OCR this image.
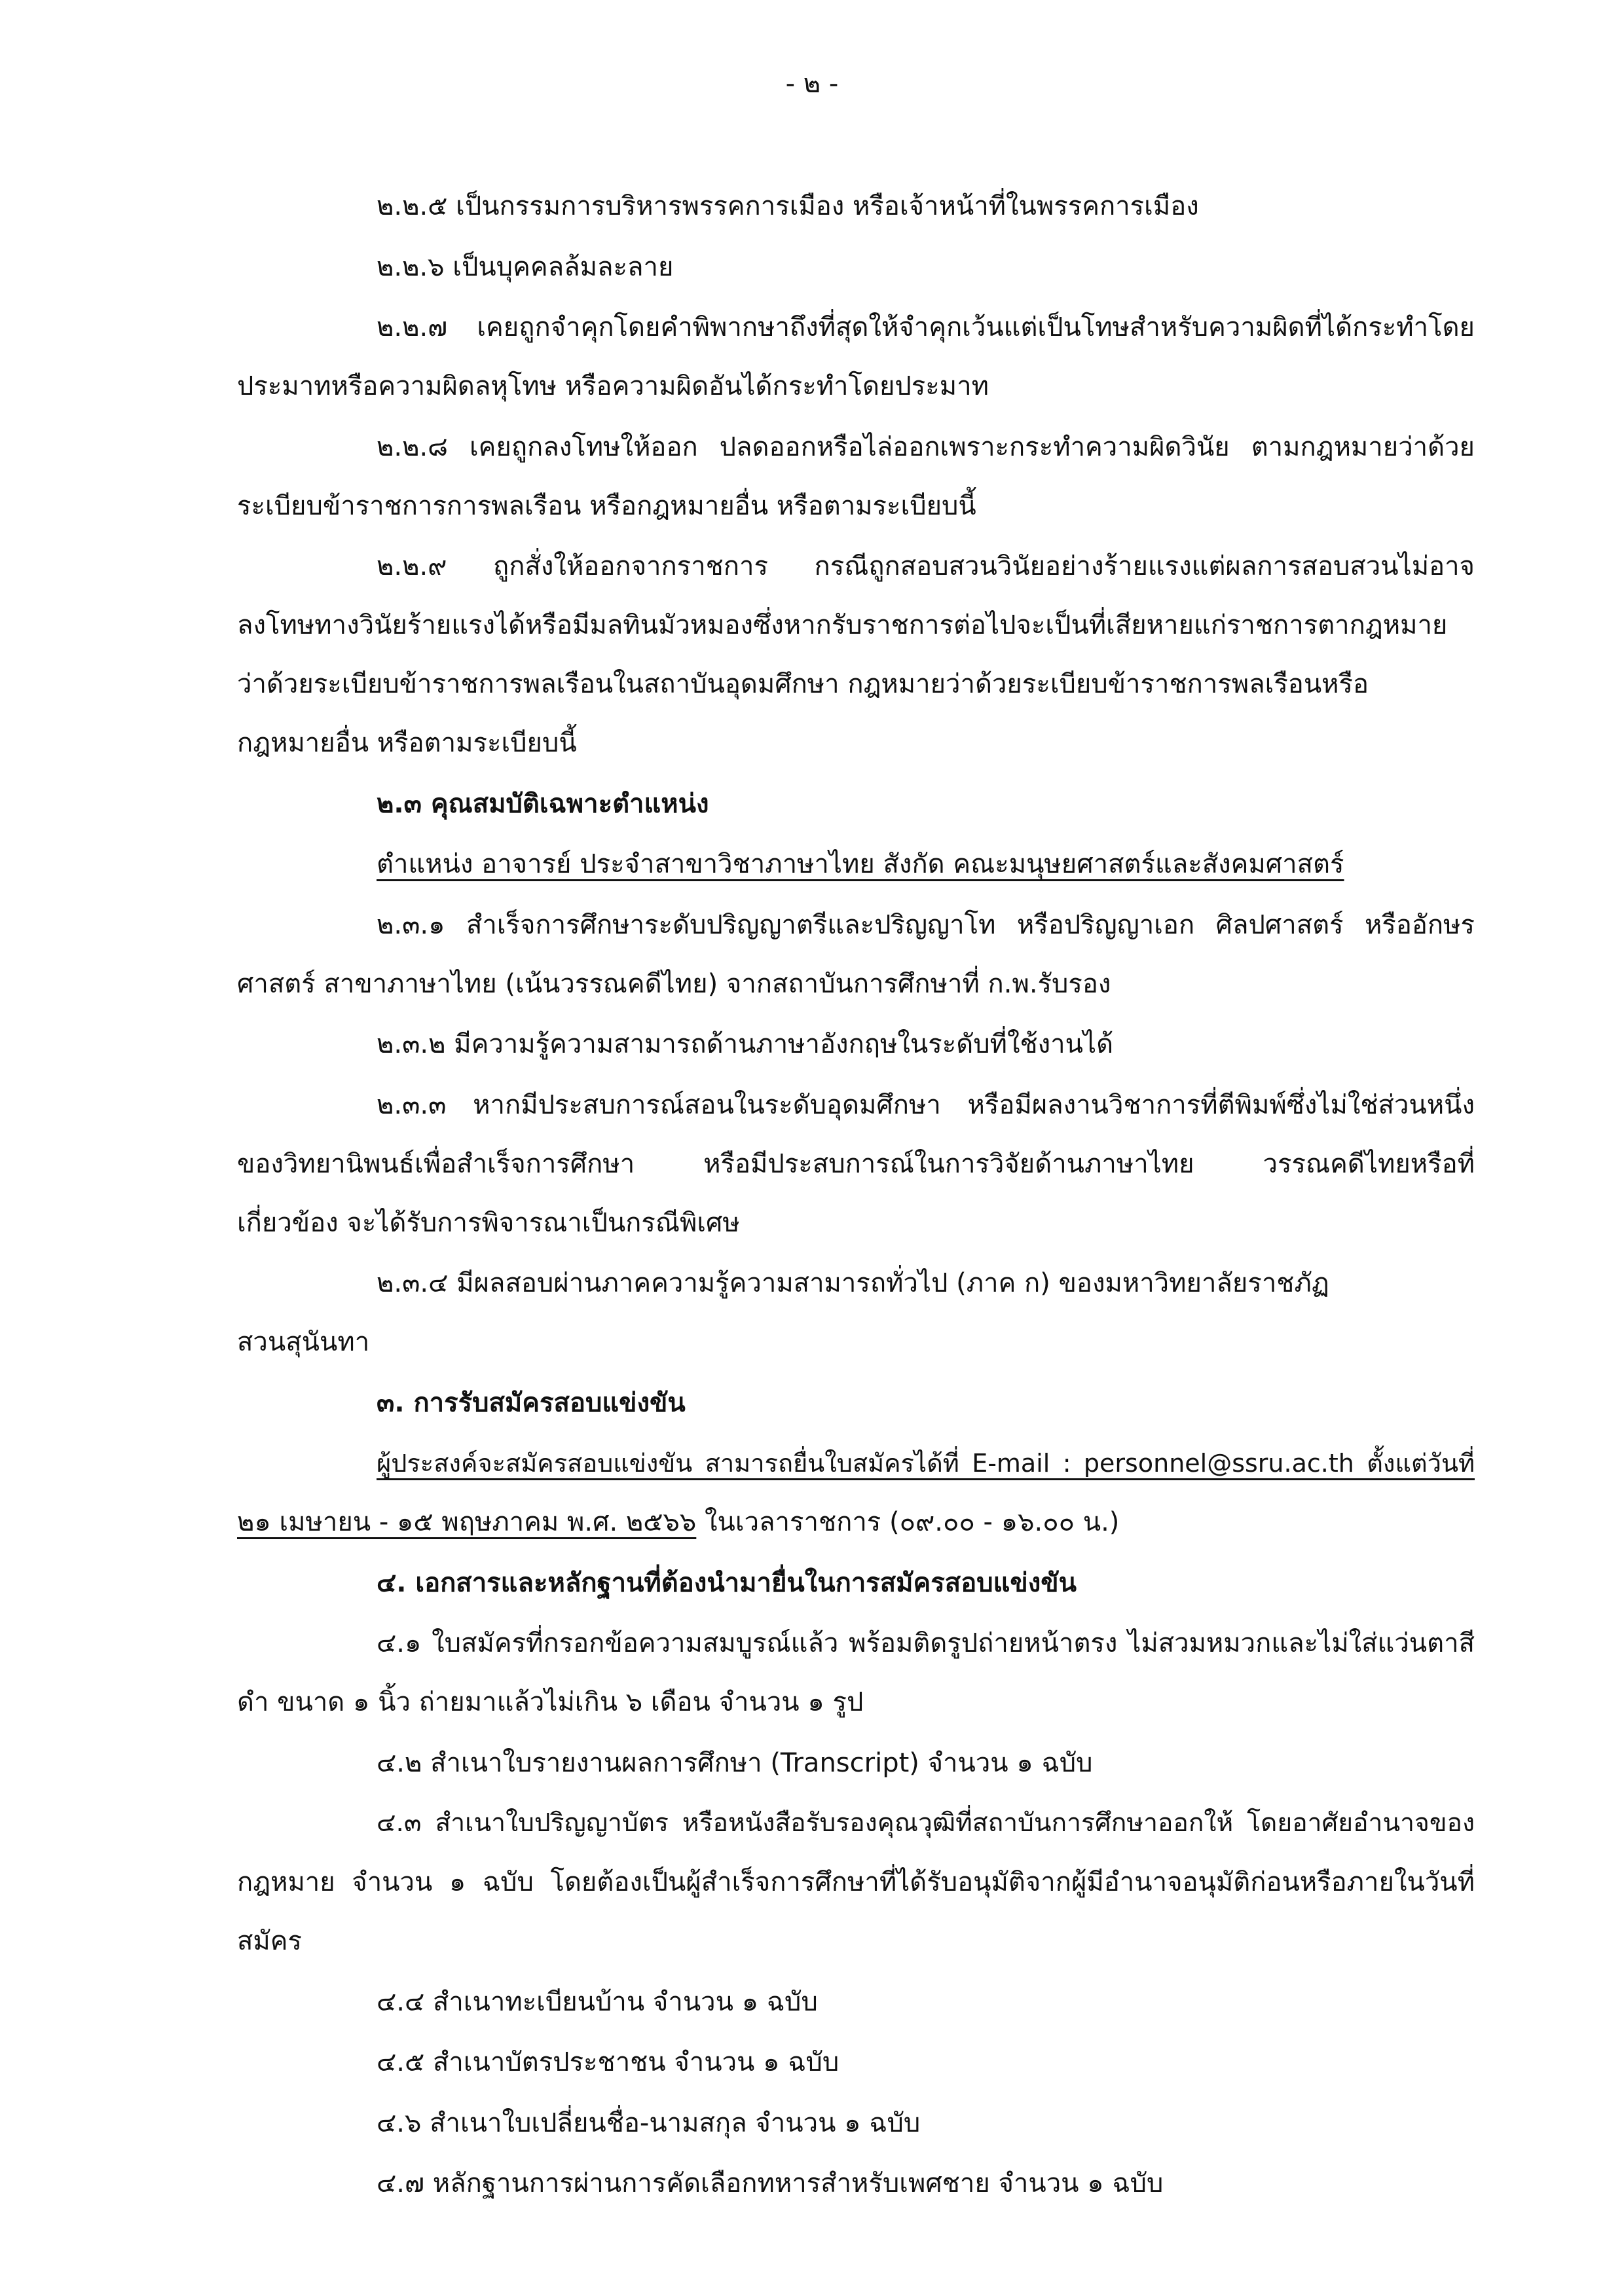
- ๒ -
๒.๒.๕ เป็นกรรมการบริหารพรรคการเมือง หรือเจ้าหน้าที่ในพรรคการเมือง
๒.๒.๖ เป็นบุคคลล้มละลาย
๒.๒.๗ เคยถูกจำคุกโดยคำพิพากษาถึงที่สุดให้จำคุกเว้นแต่เป็นโทษสำหรับความผิดที่ได้กระทำโดย
ประมาทหรือความผิดลหุโทษ หรือความผิดอันได้กระทำโดยประมาท
๒.๒.๘ เคยถูกลงโทษให้ออก ปลดออกหรือไล่ออกเพราะกระทำความผิดวินัย ตามกฎหมายว่าด้วย
ระเบียบข้าราชการการพลเรือน หรือกฎหมายอื่น หรือตามระเบียบนี้
๒.๒.๙ ถูกสั่งให้ออกจากราชการ กรณีถูกสอบสวนวินัยอย่างร้ายแรงแต่ผลการสอบสวนไม่อาจ
ลงโทษทางวินัยร้ายแรงได้หรือมีมลทินมัวหมองซึ่งหากรับราชการต่อไปจะเป็นที่เสียหายแก่ราชการตากฎหมาย
ว่าด้วยระเบียบข้าราชการพลเรือนในสถาบันอุดมศึกษา กฎหมายว่าด้วยระเบียบข้าราชการพลเรือนหรือ
กฎหมายอื่น หรือตามระเบียบนี้
๒.๓ คุณสมบัติเฉพาะตำแหน่ง
ตำแหน่ง อาจารย์ ประจำสาขาวิชาภาษาไทย สังกัด คณะมนุษยศาสตร์และสังคมศาสตร์
๒.๓.๑ สำเร็จการศึกษาระดับปริญญาตรีและปริญญาโท หรือปริญญาเอก ศิลปศาสตร์ หรืออักษร
ศาสตร์ สาขาภาษาไทย (เน้นวรรณคดีไทย) จากสถาบันการศึกษาที่ ก.พ.รับรอง
๒.๓.๒ มีความรู้ความสามารถด้านภาษาอังกฤษในระดับที่ใช้งานได้
๒.๓.๓ หากมีประสบการณ์สอนในระดับอุดมศึกษา หรือมีผลงานวิชาการที่ตีพิมพ์ซึ่งไม่ใช่ส่วนหนึ่ง
ของวิทยานิพนธ์เพื่อสำเร็จการศึกษา หรือมีประสบการณ์ในการวิจัยด้านภาษาไทย วรรณคดีไทยหรือที่
เกี่ยวข้อง จะได้รับการพิจารณาเป็นกรณีพิเศษ
๒.๓.๔ มีผลสอบผ่านภาคความรู้ความสามารถทั่วไป (ภาค ก) ของมหาวิทยาลัยราชภัฏ
สวนสุนันทา
๓. การรับสมัครสอบแข่งขัน
ผู้ประสงค์จะสมัครสอบแข่งขัน สามารถยื่นใบสมัครได้ที่ E-mail : personnel@ssru.ac.th ตั้งแต่วันที่
๒๑ เมษายน - ๑๕ พฤษภาคม พ.ศ. ๒๕๖๖ ในเวลาราชการ (๐๙.๐๐ - ๑๖.๐๐ น.)
๔. เอกสารและหลักฐานที่ต้องนำมายื่นในการสมัครสอบแข่งขัน
๔.๑ ใบสมัครที่กรอกข้อความสมบูรณ์แล้ว พร้อมติดรูปถ่ายหน้าตรง ไม่สวมหมวกและไม่ใส่แว่นตาสี
ดำ ขนาด ๑ นิ้ว ถ่ายมาแล้วไม่เกิน ๖ เดือน จำนวน ๑ รูป
๔.๒ สำเนาใบรายงานผลการศึกษา (Transcript) จำนวน ๑ ฉบับ
๔.๓ สำเนาใบปริญญาบัตร หรือหนังสือรับรองคุณวุฒิที่สถาบันการศึกษาออกให้ โดยอาศัยอำนาจของ
กฎหมาย จำนวน ๑ ฉบับ โดยต้องเป็นผู้สำเร็จการศึกษาที่ได้รับอนุมัติจากผู้มีอำนาจอนุมัติก่อนหรือภายในวันที่
สมัคร
๔.๔ สำเนาทะเบียนบ้าน จำนวน ๑ ฉบับ
๔.๕ สำเนาบัตรประชาชน จำนวน ๑ ฉบับ
๔.๖ สำเนาใบเปลี่ยนชื่อ-นามสกุล จำนวน ๑ ฉบับ
๔.๗ หลักฐานการผ่านการคัดเลือกทหารสำหรับเพศชาย จำนวน ๑ ฉบับ
